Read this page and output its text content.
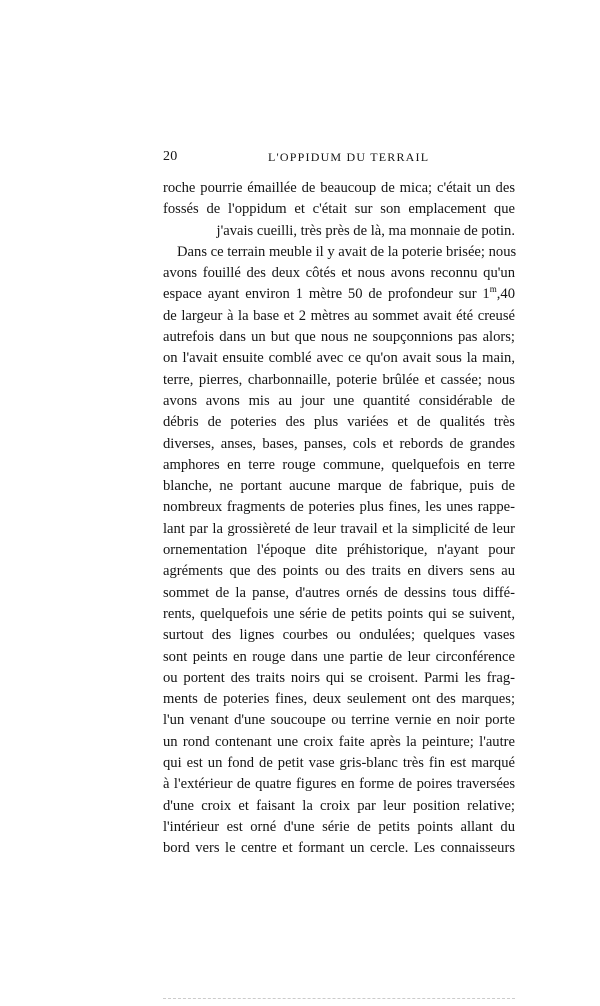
20	L'OPPIDUM DU TERRAIL
roche pourrie émaillée de beaucoup de mica; c'était un des
fossés de l'oppidum et c'était sur son emplacement que
j'avais cueilli, très près de là, ma monnaie de potin.
Dans ce terrain meuble il y avait de la poterie brisée; nous
avons fouillé des deux côtés et nous avons reconnu qu'un
espace ayant environ 1 mètre 50 de profondeur sur 1$^m$,40
de largeur à la base et 2 mètres au sommet avait été creusé
autrefois dans un but que nous ne soupçonnions pas alors;
on l'avait ensuite comblé avec ce qu'on avait sous la main,
terre, pierres, charbonnaille, poterie brûlée et cassée; nous
avons avons mis au jour une quantité considérable de
débris de poteries des plus variées et de qualités très
diverses, anses, bases, panses, cols et rebords de grandes
amphores en terre rouge commune, quelquefois en terre
blanche, ne portant aucune marque de fabrique, puis de
nombreux fragments de poteries plus fines, les unes rappe-
lant par la grossièreté de leur travail et la simplicité de leur
ornementation l'époque dite préhistorique, n'ayant pour
agréments que des points ou des traits en divers sens au
sommet de la panse, d'autres ornés de dessins tous diffé-
rents, quelquefois une série de petits points qui se suivent,
surtout des lignes courbes ou ondulées; quelques vases
sont peints en rouge dans une partie de leur circonférence
ou portent des traits noirs qui se croisent. Parmi les frag-
ments de poteries fines, deux seulement ont des marques;
l'un venant d'une soucoupe ou terrine vernie en noir porte
un rond contenant une croix faite après la peinture; l'autre
qui est un fond de petit vase gris-blanc très fin est marqué
à l'extérieur de quatre figures en forme de poires traversées
d'une croix et faisant la croix par leur position relative;
l'intérieur est orné d'une série de petits points allant du
bord vers le centre et formant un cercle. Les connaisseurs
